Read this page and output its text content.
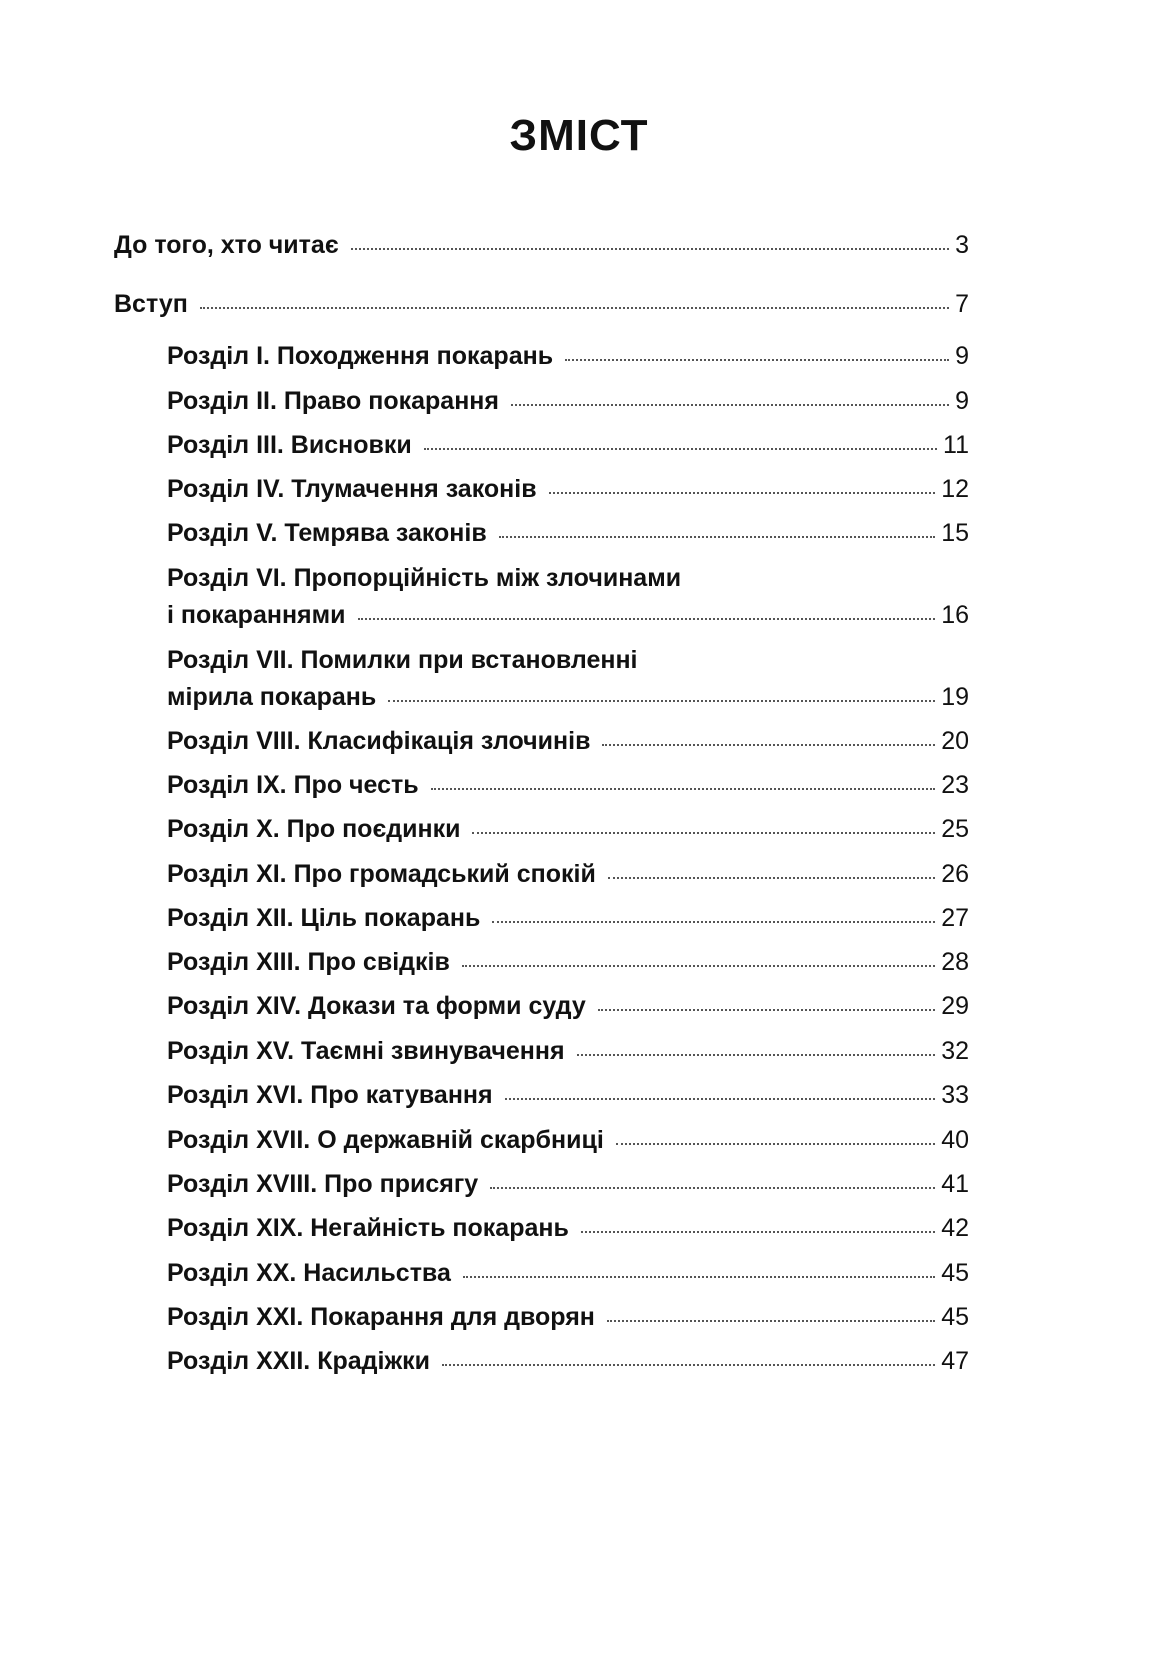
ЗМІСТ
До того, хто читає	3
Вступ	7
Розділ I. Походження покарань	9
Розділ II. Право покарання	9
Розділ III. Висновки	11
Розділ IV. Тлумачення законів	12
Розділ V. Темрява законів	15
Розділ VI. Пропорційність між злочинами
і покараннями	16
Розділ VII. Помилки при встановленні
мірила покарань	19
Розділ VIII. Класифікація злочинів	20
Розділ IX. Про честь	23
Розділ X. Про поєдинки	25
Розділ XI. Про громадський спокій	26
Розділ XII. Ціль покарань	27
Розділ XIII. Про свідків	28
Розділ XIV. Докази та форми суду	29
Розділ XV. Таємні звинувачення	32
Розділ XVI. Про катування	33
Розділ XVII. О державній скарбниці	40
Розділ XVIII. Про присягу	41
Розділ XIX. Негайність покарань	42
Розділ XX. Насильства	45
Розділ XXI. Покарання для дворян	45
Розділ XXII. Крадіжки	47
